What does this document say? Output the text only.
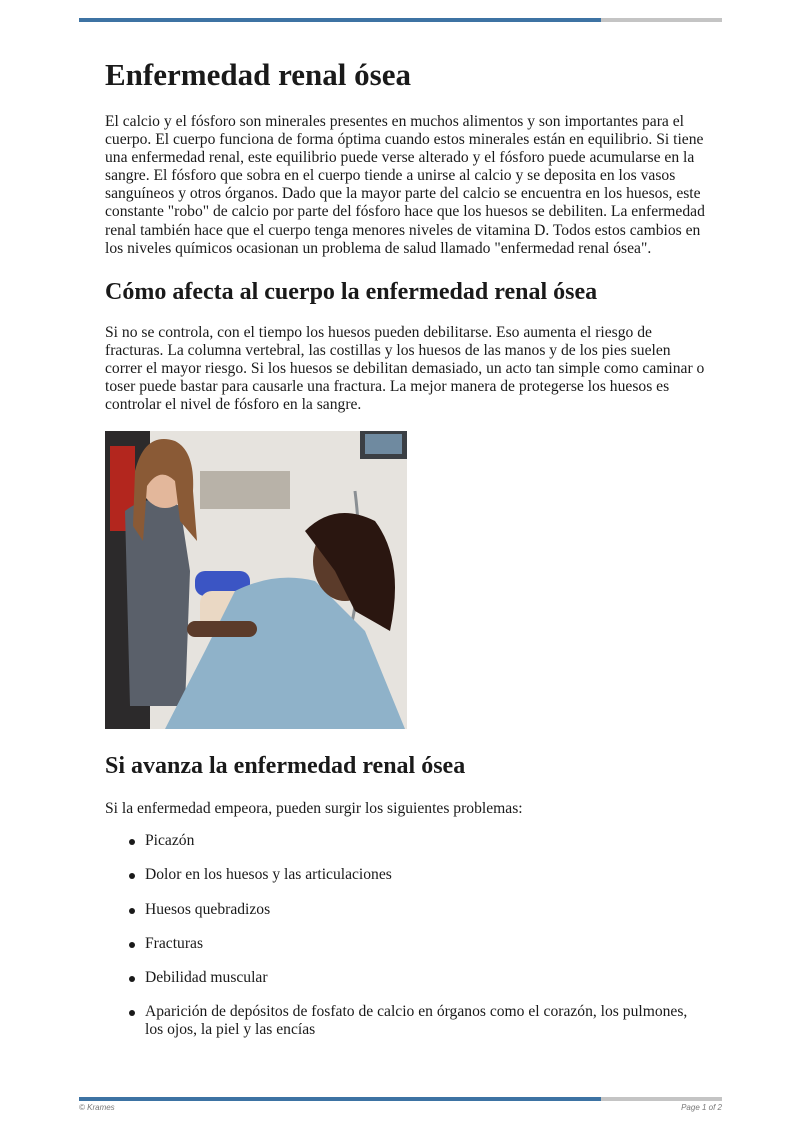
Enfermedad renal ósea

El calcio y el fósforo son minerales presentes en muchos alimentos y son importantes para el cuerpo. El cuerpo funciona de forma óptima cuando estos minerales están en equilibrio. Si tiene una enfermedad renal, este equilibrio puede verse alterado y el fósforo puede acumularse en la sangre. El fósforo que sobra en el cuerpo tiende a unirse al calcio y se deposita en los vasos sanguíneos y otros órganos. Dado que la mayor parte del calcio se encuentra en los huesos, este constante "robo" de calcio por parte del fósforo hace que los huesos se debiliten. La enfermedad renal también hace que el cuerpo tenga menores niveles de vitamina D. Todos estos cambios en los niveles químicos ocasionan un problema de salud llamado "enfermedad renal ósea".

Cómo afecta al cuerpo la enfermedad renal ósea

Si no se controla, con el tiempo los huesos pueden debilitarse. Eso aumenta el riesgo de fracturas. La columna vertebral, las costillas y los huesos de las manos y de los pies suelen correr el mayor riesgo. Si los huesos se debilitan demasiado, un acto tan simple como caminar o toser puede bastar para causarle una fractura. La mejor manera de protegerse los huesos es controlar el nivel de fósforo en la sangre.

Si avanza la enfermedad renal ósea

Si la enfermedad empeora, pueden surgir los siguientes problemas:

Picazón
Dolor en los huesos y las articulaciones
Huesos quebradizos
Fracturas
Debilidad muscular
Aparición de depósitos de fosfato de calcio en órganos como el corazón, los pulmones, los ojos, la piel y las encías
© Krames	Page 1 of 2
